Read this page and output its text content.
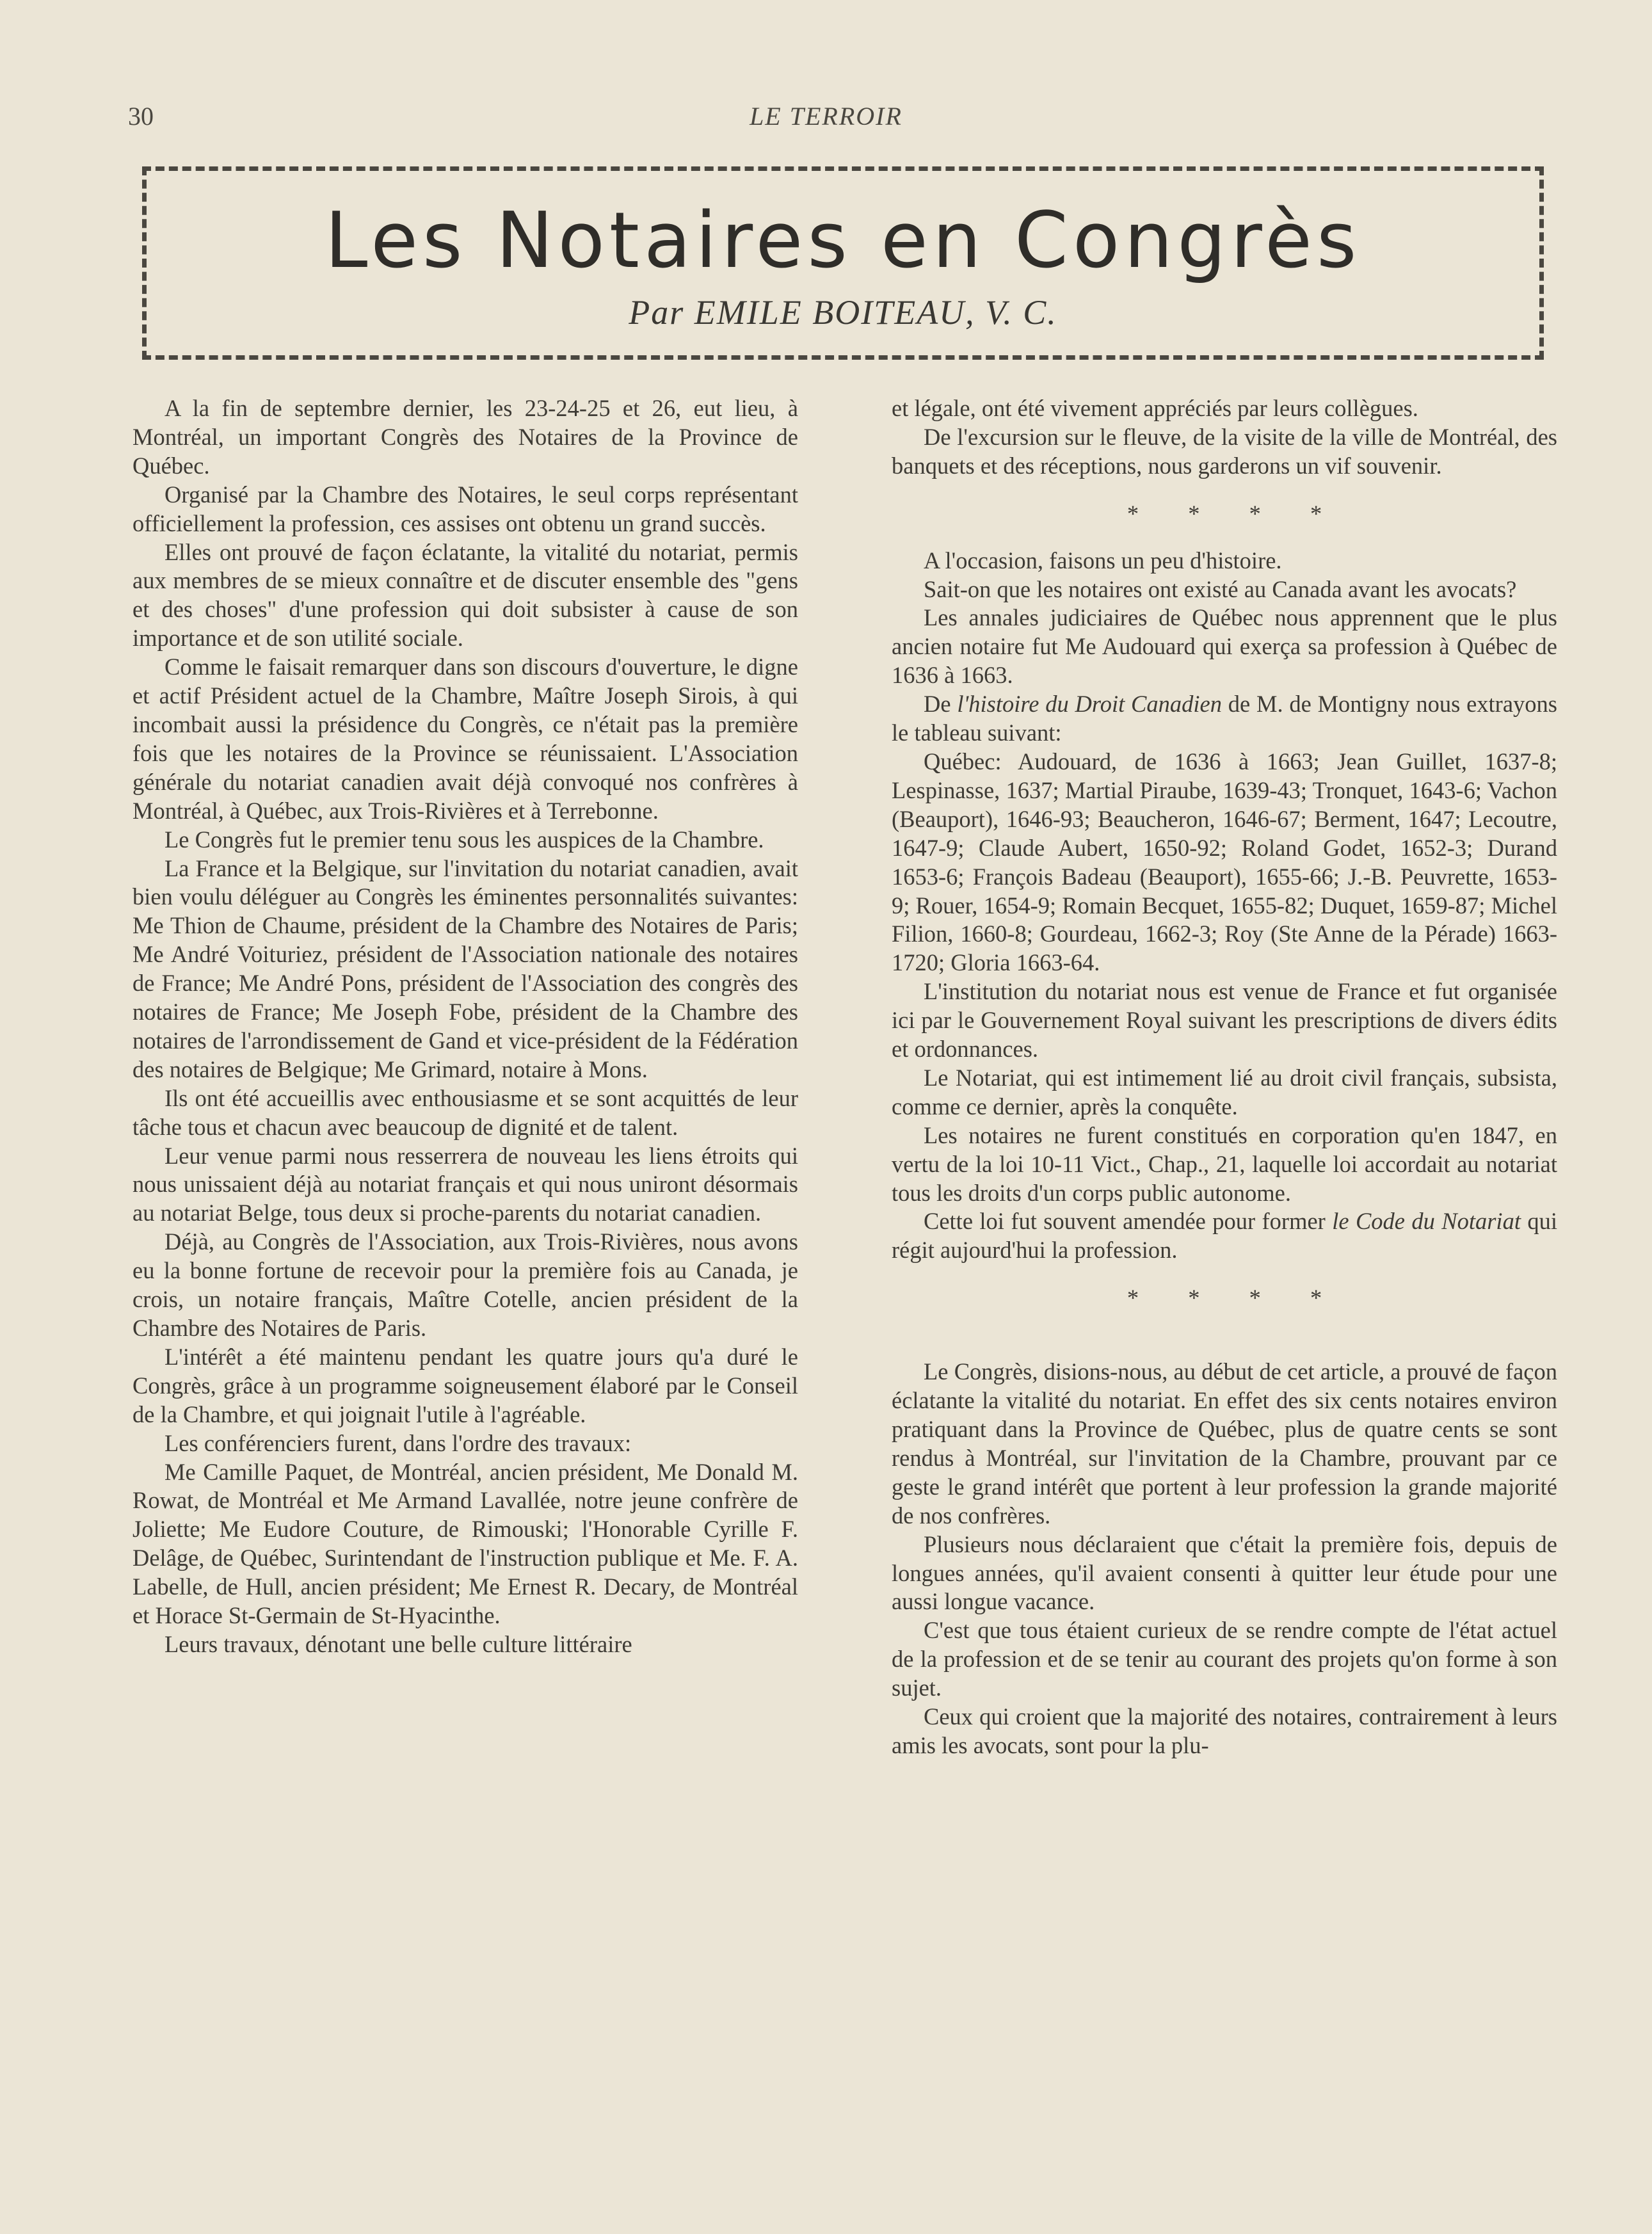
30	LE TERROIR
Les Notaires en Congrès
Par EMILE BOITEAU, V. C.

A la fin de septembre dernier, les 23-24-25 et 26, eut lieu, à Montréal, un important Congrès des Notaires de la Province de Québec.

Organisé par la Chambre des Notaires, le seul corps représentant officiellement la profession, ces assises ont obtenu un grand succès.

Elles ont prouvé de façon éclatante, la vitalité du notariat, permis aux membres de se mieux connaître et de discuter ensemble des "gens et des choses" d'une profession qui doit subsister à cause de son importance et de son utilité sociale.

Comme le faisait remarquer dans son discours d'ouverture, le digne et actif Président actuel de la Chambre, Maître Joseph Sirois, à qui incombait aussi la présidence du Congrès, ce n'était pas la première fois que les notaires de la Province se réunissaient. L'Association générale du notariat canadien avait déjà convoqué nos confrères à Montréal, à Québec, aux Trois-Rivières et à Terrebonne.

Le Congrès fut le premier tenu sous les auspices de la Chambre.

La France et la Belgique, sur l'invitation du notariat canadien, avait bien voulu déléguer au Congrès les éminentes personnalités suivantes: Me Thion de Chaume, président de la Chambre des Notaires de Paris; Me André Voituriez, président de l'Association nationale des notaires de France; Me André Pons, président de l'Association des congrès des notaires de France; Me Joseph Fobe, président de la Chambre des notaires de l'arrondissement de Gand et vice-président de la Fédération des notaires de Belgique; Me Grimard, notaire à Mons.

Ils ont été accueillis avec enthousiasme et se sont acquittés de leur tâche tous et chacun avec beaucoup de dignité et de talent.

Leur venue parmi nous resserrera de nouveau les liens étroits qui nous unissaient déjà au notariat français et qui nous uniront désormais au notariat Belge, tous deux si proche-parents du notariat canadien.

Déjà, au Congrès de l'Association, aux Trois-Rivières, nous avons eu la bonne fortune de recevoir pour la première fois au Canada, je crois, un notaire français, Maître Cotelle, ancien président de la Chambre des Notaires de Paris.

L'intérêt a été maintenu pendant les quatre jours qu'a duré le Congrès, grâce à un programme soigneusement élaboré par le Conseil de la Chambre, et qui joignait l'utile à l'agréable.

Les conférenciers furent, dans l'ordre des travaux:

Me Camille Paquet, de Montréal, ancien président, Me Donald M. Rowat, de Montréal et Me Armand Lavallée, notre jeune confrère de Joliette; Me Eudore Couture, de Rimouski; l'Honorable Cyrille F. Delâge, de Québec, Surintendant de l'instruction publique et Me. F. A. Labelle, de Hull, ancien président; Me Ernest R. Decary, de Montréal et Horace St-Germain de St-Hyacinthe.

Leurs travaux, dénotant une belle culture littéraire

et légale, ont été vivement appréciés par leurs collègues.

De l'excursion sur le fleuve, de la visite de la ville de Montréal, des banquets et des réceptions, nous garderons un vif souvenir.

* * * *

A l'occasion, faisons un peu d'histoire.

Sait-on que les notaires ont existé au Canada avant les avocats?

Les annales judiciaires de Québec nous apprennent que le plus ancien notaire fut Me Audouard qui exerça sa profession à Québec de 1636 à 1663.

De l'histoire du Droit Canadien de M. de Montigny nous extrayons le tableau suivant:

Québec: Audouard, de 1636 à 1663; Jean Guillet, 1637-8; Lespinasse, 1637; Martial Piraube, 1639-43; Tronquet, 1643-6; Vachon (Beauport), 1646-93; Beaucheron, 1646-67; Berment, 1647; Lecoutre, 1647-9; Claude Aubert, 1650-92; Roland Godet, 1652-3; Durand 1653-6; François Badeau (Beauport), 1655-66; J.-B. Peuvrette, 1653-9; Rouer, 1654-9; Romain Becquet, 1655-82; Duquet, 1659-87; Michel Filion, 1660-8; Gourdeau, 1662-3; Roy (Ste Anne de la Pérade) 1663-1720; Gloria 1663-64.

L'institution du notariat nous est venue de France et fut organisée ici par le Gouvernement Royal suivant les prescriptions de divers édits et ordonnances.

Le Notariat, qui est intimement lié au droit civil français, subsista, comme ce dernier, après la conquête.

Les notaires ne furent constitués en corporation qu'en 1847, en vertu de la loi 10-11 Vict., Chap., 21, laquelle loi accordait au notariat tous les droits d'un corps public autonome.

Cette loi fut souvent amendée pour former le Code du Notariat qui régit aujourd'hui la profession.

* * * *

Le Congrès, disions-nous, au début de cet article, a prouvé de façon éclatante la vitalité du notariat. En effet des six cents notaires environ pratiquant dans la Province de Québec, plus de quatre cents se sont rendus à Montréal, sur l'invitation de la Chambre, prouvant par ce geste le grand intérêt que portent à leur profession la grande majorité de nos confrères.

Plusieurs nous déclaraient que c'était la première fois, depuis de longues années, qu'il avaient consenti à quitter leur étude pour une aussi longue vacance.

C'est que tous étaient curieux de se rendre compte de l'état actuel de la profession et de se tenir au courant des projets qu'on forme à son sujet.

Ceux qui croient que la majorité des notaires, contrairement à leurs amis les avocats, sont pour la plu-
